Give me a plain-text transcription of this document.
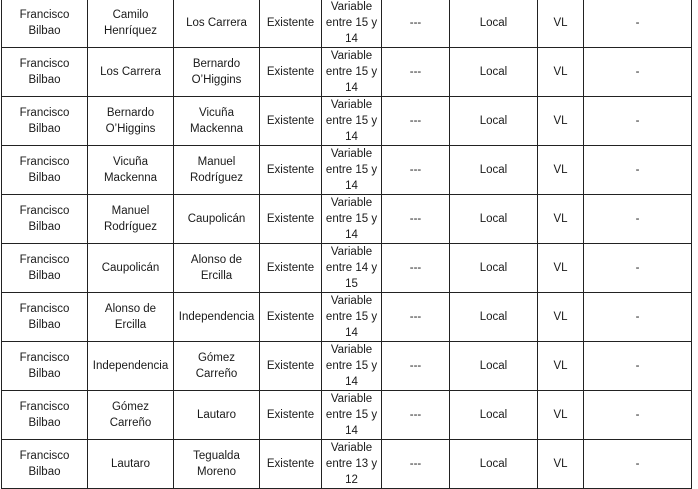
Francisco
Bilbao	Camilo
Henríquez	Los Carrera	Existente	Variable
entre 15 y
14	---	Local	VL	-
Francisco
Bilbao	Los Carrera	Bernardo
O’Higgins	Existente	Variable
entre 15 y
14	---	Local	VL	-
Francisco
Bilbao	Bernardo
O’Higgins	Vicuña
Mackenna	Existente	Variable
entre 15 y
14	---	Local	VL	-
Francisco
Bilbao	Vicuña
Mackenna	Manuel
Rodríguez	Existente	Variable
entre 15 y
14	---	Local	VL	-
Francisco
Bilbao	Manuel
Rodríguez	Caupolicán	Existente	Variable
entre 15 y
14	---	Local	VL	-
Francisco
Bilbao	Caupolicán	Alonso de
Ercilla	Existente	Variable
entre 14 y
15	---	Local	VL	-
Francisco
Bilbao	Alonso de
Ercilla	Independencia	Existente	Variable
entre 15 y
14	---	Local	VL	-
Francisco
Bilbao	Independencia	Gómez
Carreño	Existente	Variable
entre 15 y
14	---	Local	VL	-
Francisco
Bilbao	Gómez
Carreño	Lautaro	Existente	Variable
entre 15 y
14	---	Local	VL	-
Francisco
Bilbao	Lautaro	Tegualda
Moreno	Existente	Variable
entre 13 y
12	---	Local	VL	-
